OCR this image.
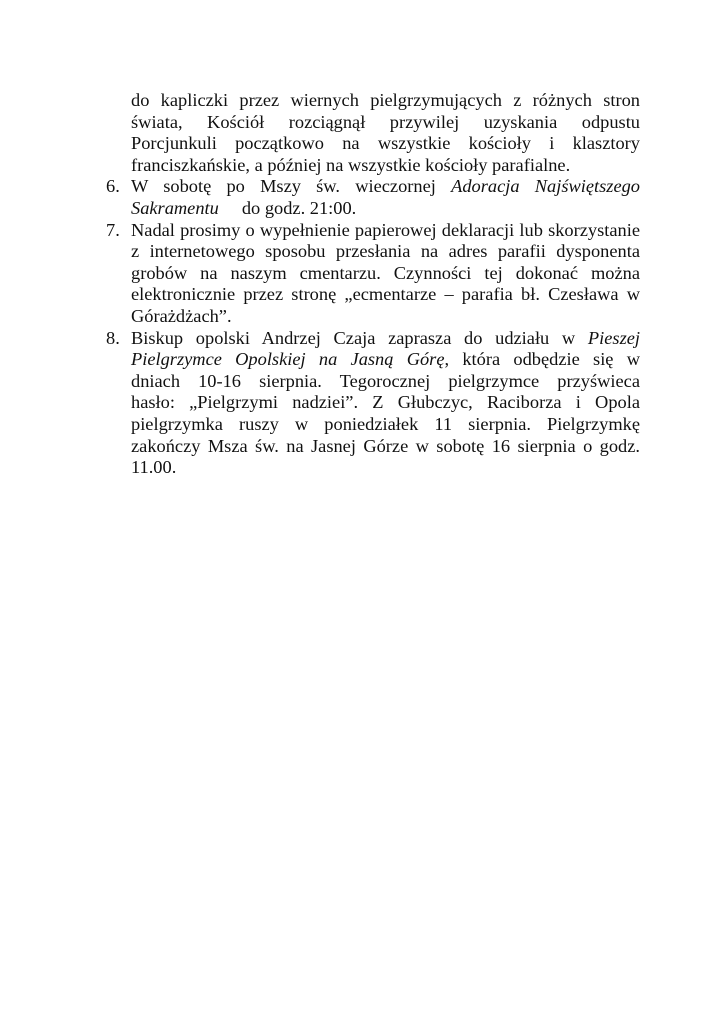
do kapliczki przez wiernych pielgrzymujących z różnych stron
świata, Kościół rozciągnął przywilej uzyskania odpustu
Porcjunkuli początkowo na wszystkie kościoły i klasztory
franciszkańskie, a później na wszystkie kościoły parafialne.
6. W sobotę po Mszy św. wieczornej Adoracja Najświętszego
Sakramentu     do godz. 21:00.
7. Nadal prosimy o wypełnienie papierowej deklaracji lub skorzystanie
z internetowego sposobu przesłania na adres parafii dysponenta
grobów na naszym cmentarzu. Czynności tej dokonać można
elektronicznie przez stronę „ecmentarze – parafia bł. Czesława w
Górażdżach”.
8. Biskup opolski Andrzej Czaja zaprasza do udziału w Pieszej
Pielgrzymce Opolskiej na Jasną Górę, która odbędzie się w
dniach 10-16 sierpnia. Tegorocznej pielgrzymce przyświeca
hasło: „Pielgrzymi nadziei”. Z Głubczyc, Raciborza i Opola
pielgrzymka ruszy w poniedziałek 11 sierpnia. Pielgrzymkę
zakończy Msza św. na Jasnej Górze w sobotę 16 sierpnia o godz.
11.00.
